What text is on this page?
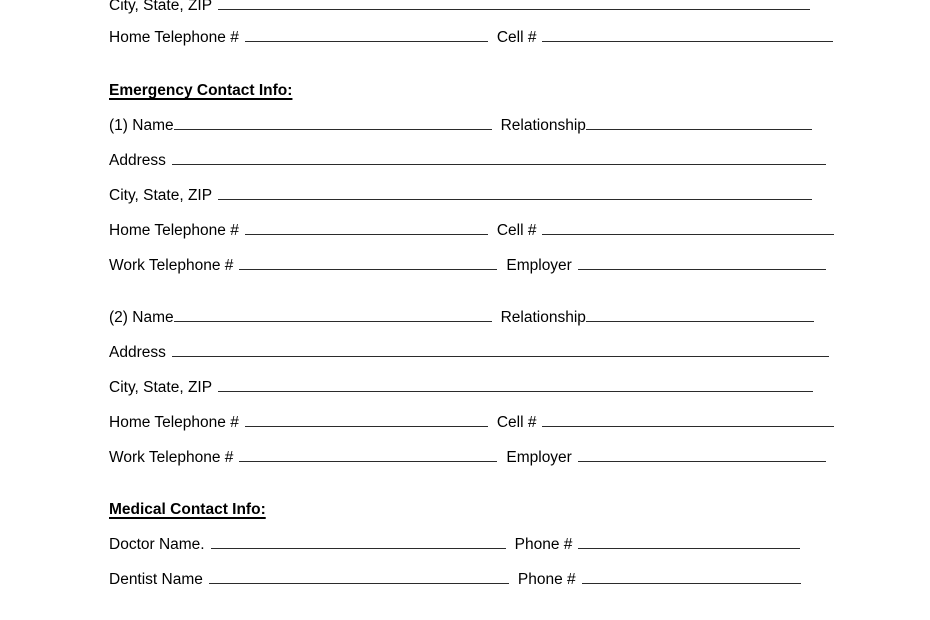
City, State, ZIP
Home Telephone #	Cell #
Emergency Contact Info:
(1) Name	Relationship
Address
City, State, ZIP
Home Telephone #	Cell #
Work Telephone #	Employer
(2) Name	Relationship
Address
City, State, ZIP
Home Telephone #	Cell #
Work Telephone #	Employer
Medical Contact Info:
Doctor Name.	Phone #
Dentist Name	Phone #
